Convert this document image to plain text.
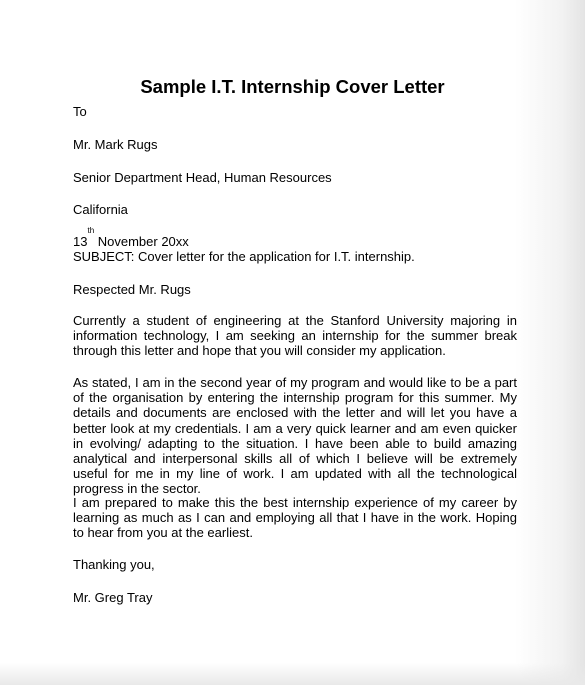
Sample I.T. Internship Cover Letter
To
Mr. Mark Rugs
Senior Department Head, Human Resources
California
13th November 20xx
SUBJECT: Cover letter for the application for I.T. internship.
Respected Mr. Rugs
Currently a student of engineering at the Stanford University majoring in information technology, I am seeking an internship for the summer break through this letter and hope that you will consider my application.
As stated, I am in the second year of my program and would like to be a part of the organisation by entering the internship program for this summer. My details and documents are enclosed with the letter and will let you have a better look at my credentials. I am a very quick learner and am even quicker in evolving/ adapting to the situation. I have been able to build amazing analytical and interpersonal skills all of which I believe will be extremely useful for me in my line of work. I am updated with all the technological progress in the sector.
I am prepared to make this the best internship experience of my career by learning as much as I can and employing all that I have in the work. Hoping to hear from you at the earliest.
Thanking you,
Mr. Greg Tray
